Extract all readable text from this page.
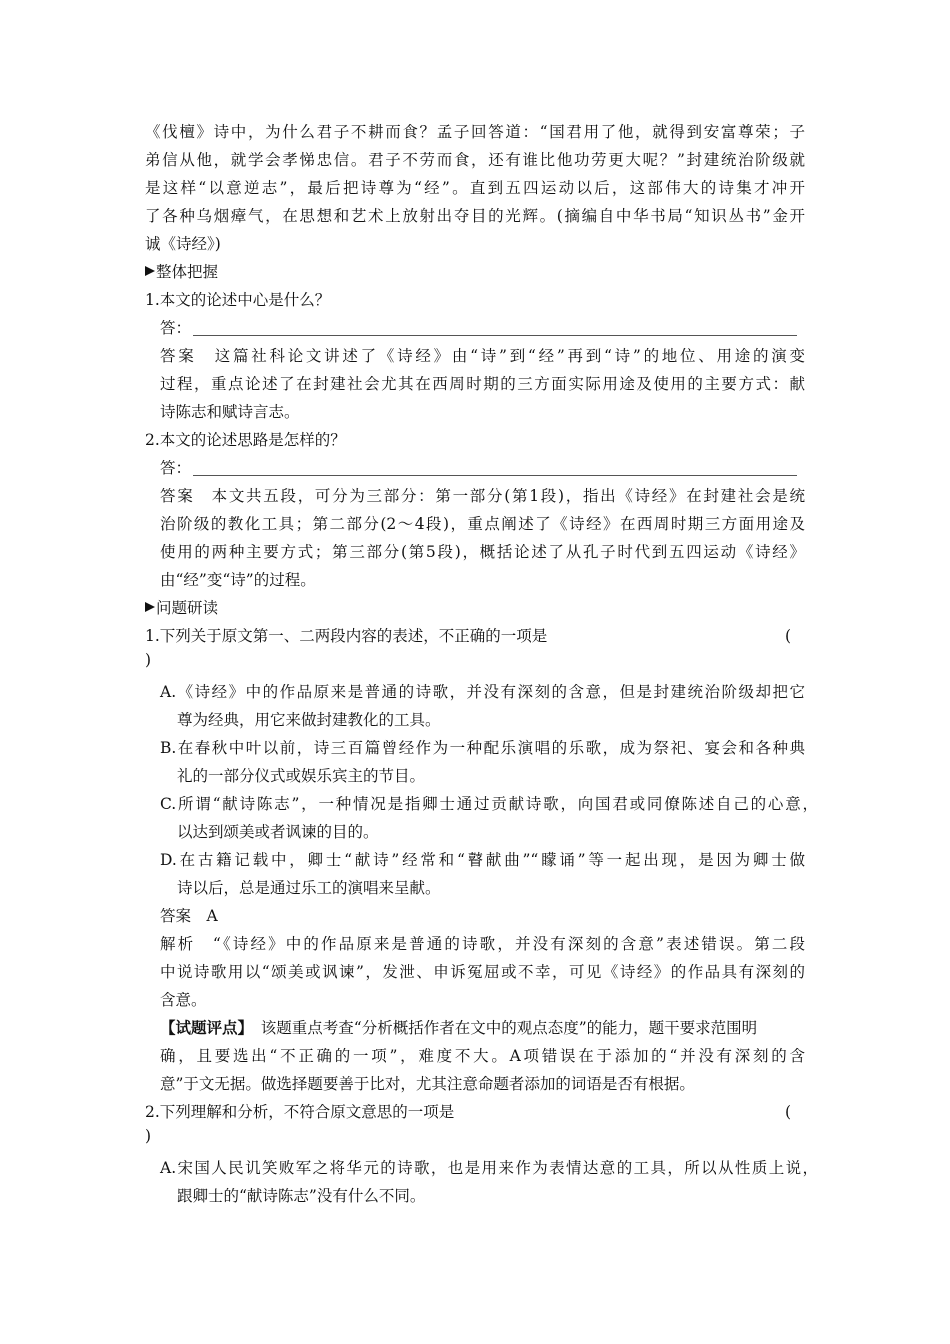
《伐檀》诗中，为什么君子不耕而食？孟子回答道：“国君用了他，就得到安富尊荣；子
弟信从他，就学会孝悌忠信。君子不劳而食，还有谁比他功劳更大呢？”封建统治阶级就
是这样“以意逆志”，最后把诗尊为“经”。直到五四运动以后，这部伟大的诗集才冲开
了各种乌烟瘴气，在思想和艺术上放射出夺目的光辉。(摘编自中华书局“知识丛书”金开
诚《诗经》)
整体把握
1.本文的论述中心是什么？
答：
答案　这篇社科论文讲述了《诗经》由“诗”到“经”再到“诗”的地位、用途的演变
过程，重点论述了在封建社会尤其在西周时期的三方面实际用途及使用的主要方式：献
诗陈志和赋诗言志。
2.本文的论述思路是怎样的？
答：
答案　本文共五段，可分为三部分：第一部分(第1段)，指出《诗经》在封建社会是统
治阶级的教化工具；第二部分(2～4段)，重点阐述了《诗经》在西周时期三方面用途及
使用的两种主要方式；第三部分(第5段)，概括论述了从孔子时代到五四运动《诗经》
由“经”变“诗”的过程。
问题研读
1.下列关于原文第一、二两段内容的表述，不正确的一项是	(
)
A.《诗经》中的作品原来是普通的诗歌，并没有深刻的含意，但是封建统治阶级却把它
尊为经典，用它来做封建教化的工具。
B.在春秋中叶以前，诗三百篇曾经作为一种配乐演唱的乐歌，成为祭祀、宴会和各种典
礼的一部分仪式或娱乐宾主的节目。
C.所谓“献诗陈志”，一种情况是指卿士通过贡献诗歌，向国君或同僚陈述自己的心意，
以达到颂美或者讽谏的目的。
D.在古籍记载中，卿士“献诗”经常和“瞽献曲”“矇诵”等一起出现，是因为卿士做
诗以后，总是通过乐工的演唱来呈献。
答案　A
解析　“《诗经》中的作品原来是普通的诗歌，并没有深刻的含意”表述错误。第二段
中说诗歌用以“颂美或讽谏”，发泄、申诉冤屈或不幸，可见《诗经》的作品具有深刻的
含意。
【试题评点】　该题重点考查“分析概括作者在文中的观点态度”的能力，题干要求范围明
确，且要选出“不正确的一项”，难度不大。A项错误在于添加的“并没有深刻的含
意”于文无据。做选择题要善于比对，尤其注意命题者添加的词语是否有根据。
2.下列理解和分析，不符合原文意思的一项是	(
)
A.宋国人民讥笑败军之将华元的诗歌，也是用来作为表情达意的工具，所以从性质上说，
跟卿士的“献诗陈志”没有什么不同。
